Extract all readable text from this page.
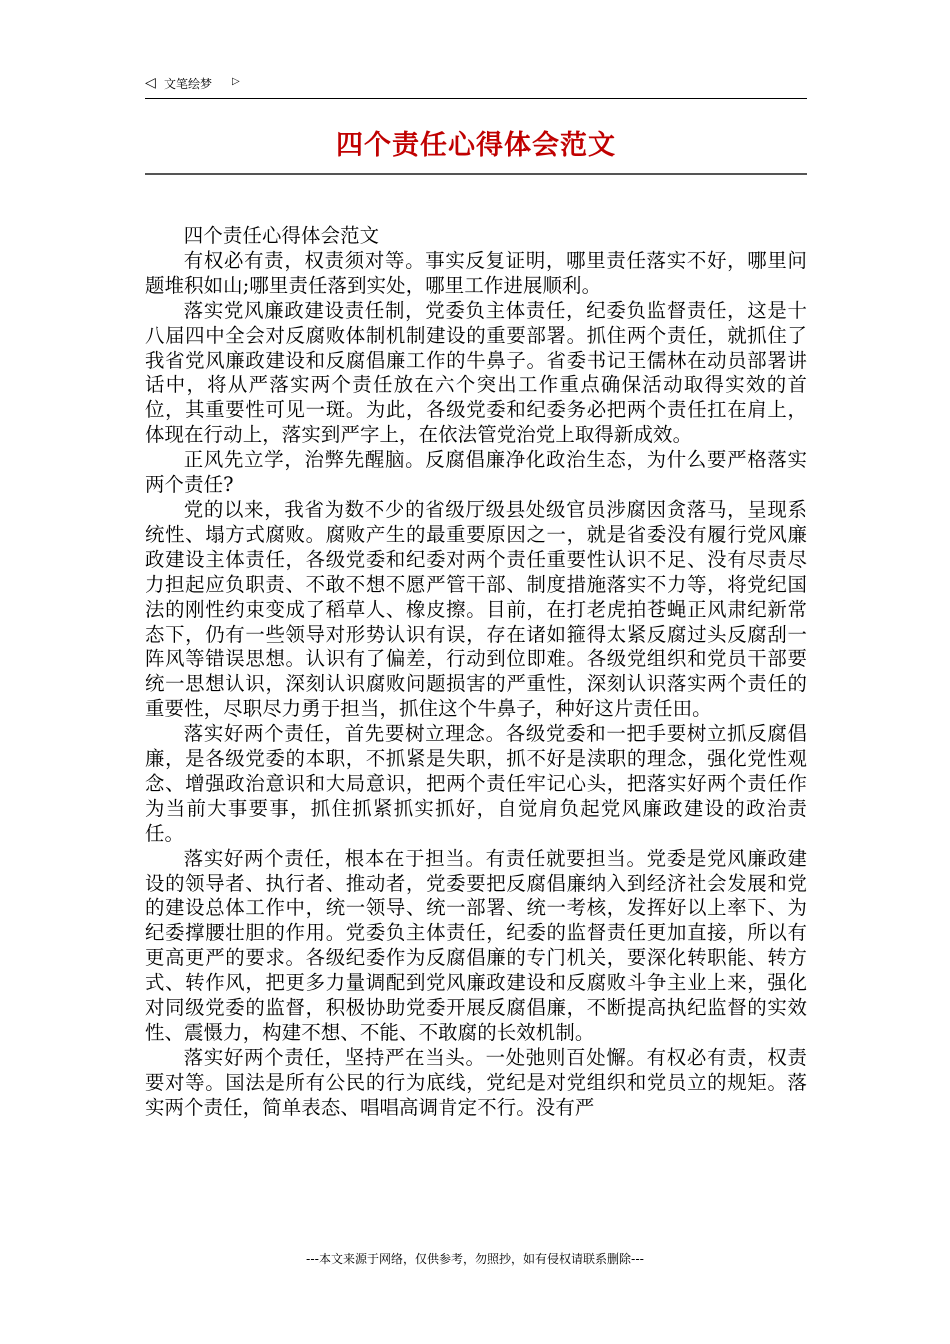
◁ 文笔绘梦 ▷
四个责任心得体会范文

四个责任心得体会范文

有权必有责，权责须对等。事实反复证明，哪里责任落实不好，哪里问题堆积如山;哪里责任落到实处，哪里工作进展顺利。

落实党风廉政建设责任制，党委负主体责任，纪委负监督责任，这是十八届四中全会对反腐败体制机制建设的重要部署。抓住两个责任，就抓住了我省党风廉政建设和反腐倡廉工作的牛鼻子。省委书记王儒林在动员部署讲话中，将从严落实两个责任放在六个突出工作重点确保活动取得实效的首位，其重要性可见一斑。为此，各级党委和纪委务必把两个责任扛在肩上，体现在行动上，落实到严字上，在依法管党治党上取得新成效。

正风先立学，治弊先醒脑。反腐倡廉净化政治生态，为什么要严格落实两个责任?

党的以来，我省为数不少的省级厅级县处级官员涉腐因贪落马，呈现系统性、塌方式腐败。腐败产生的最重要原因之一，就是省委没有履行党风廉政建设主体责任，各级党委和纪委对两个责任重要性认识不足、没有尽责尽力担起应负职责、不敢不想不愿严管干部、制度措施落实不力等，将党纪国法的刚性约束变成了稻草人、橡皮擦。目前，在打老虎拍苍蝇正风肃纪新常态下，仍有一些领导对形势认识有误，存在诸如箍得太紧反腐过头反腐刮一阵风等错误思想。认识有了偏差，行动到位即难。各级党组织和党员干部要统一思想认识，深刻认识腐败问题损害的严重性，深刻认识落实两个责任的重要性，尽职尽力勇于担当，抓住这个牛鼻子，种好这片责任田。

落实好两个责任，首先要树立理念。各级党委和一把手要树立抓反腐倡廉，是各级党委的本职，不抓紧是失职，抓不好是渎职的理念，强化党性观念、增强政治意识和大局意识，把两个责任牢记心头，把落实好两个责任作为当前大事要事，抓住抓紧抓实抓好，自觉肩负起党风廉政建设的政治责任。

落实好两个责任，根本在于担当。有责任就要担当。党委是党风廉政建设的领导者、执行者、推动者，党委要把反腐倡廉纳入到经济社会发展和党的建设总体工作中，统一领导、统一部署、统一考核，发挥好以上率下、为纪委撑腰壮胆的作用。党委负主体责任，纪委的监督责任更加直接，所以有更高更严的要求。各级纪委作为反腐倡廉的专门机关，要深化转职能、转方式、转作风，把更多力量调配到党风廉政建设和反腐败斗争主业上来，强化对同级党委的监督，积极协助党委开展反腐倡廉，不断提高执纪监督的实效性、震慑力，构建不想、不能、不敢腐的长效机制。

落实好两个责任，坚持严在当头。一处弛则百处懈。有权必有责，权责要对等。国法是所有公民的行为底线，党纪是对党组织和党员立的规矩。落实两个责任，简单表态、唱唱高调肯定不行。没有严

---本文来源于网络，仅供参考，勿照抄，如有侵权请联系删除---
